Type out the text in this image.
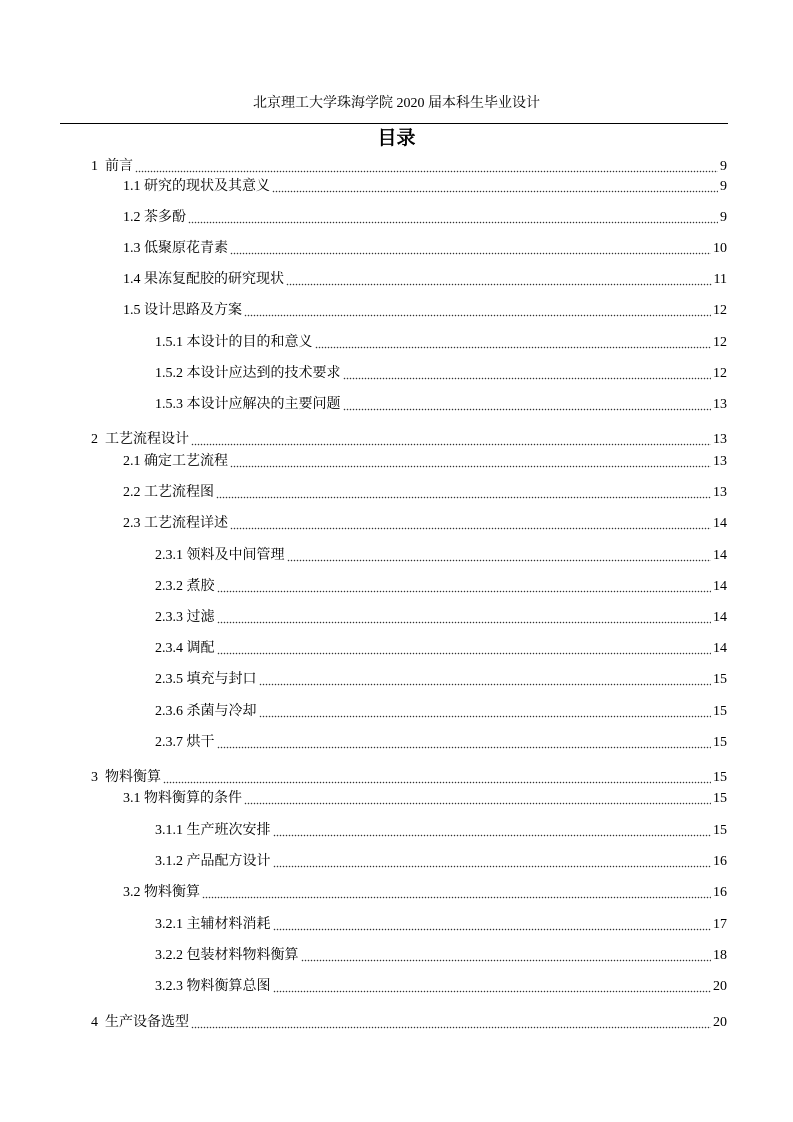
北京理工大学珠海学院 2020 届本科生毕业设计
目录
1 前言	9
1.1 研究的现状及其意义	9
1.2 茶多酚	9
1.3 低聚原花青素	10
1.4 果冻复配胶的研究现状	11
1.5 设计思路及方案	12
1.5.1 本设计的目的和意义	12
1.5.2 本设计应达到的技术要求	12
1.5.3 本设计应解决的主要问题	13
2 工艺流程设计	13
2.1 确定工艺流程	13
2.2 工艺流程图	13
2.3 工艺流程详述	14
2.3.1 领料及中间管理	14
2.3.2 煮胶	14
2.3.3 过滤	14
2.3.4 调配	14
2.3.5 填充与封口	15
2.3.6 杀菌与冷却	15
2.3.7 烘干	15
3 物料衡算	15
3.1 物料衡算的条件	15
3.1.1 生产班次安排	15
3.1.2 产品配方设计	16
3.2 物料衡算	16
3.2.1 主辅材料消耗	17
3.2.2 包装材料物料衡算	18
3.2.3 物料衡算总图	20
4 生产设备选型	20
